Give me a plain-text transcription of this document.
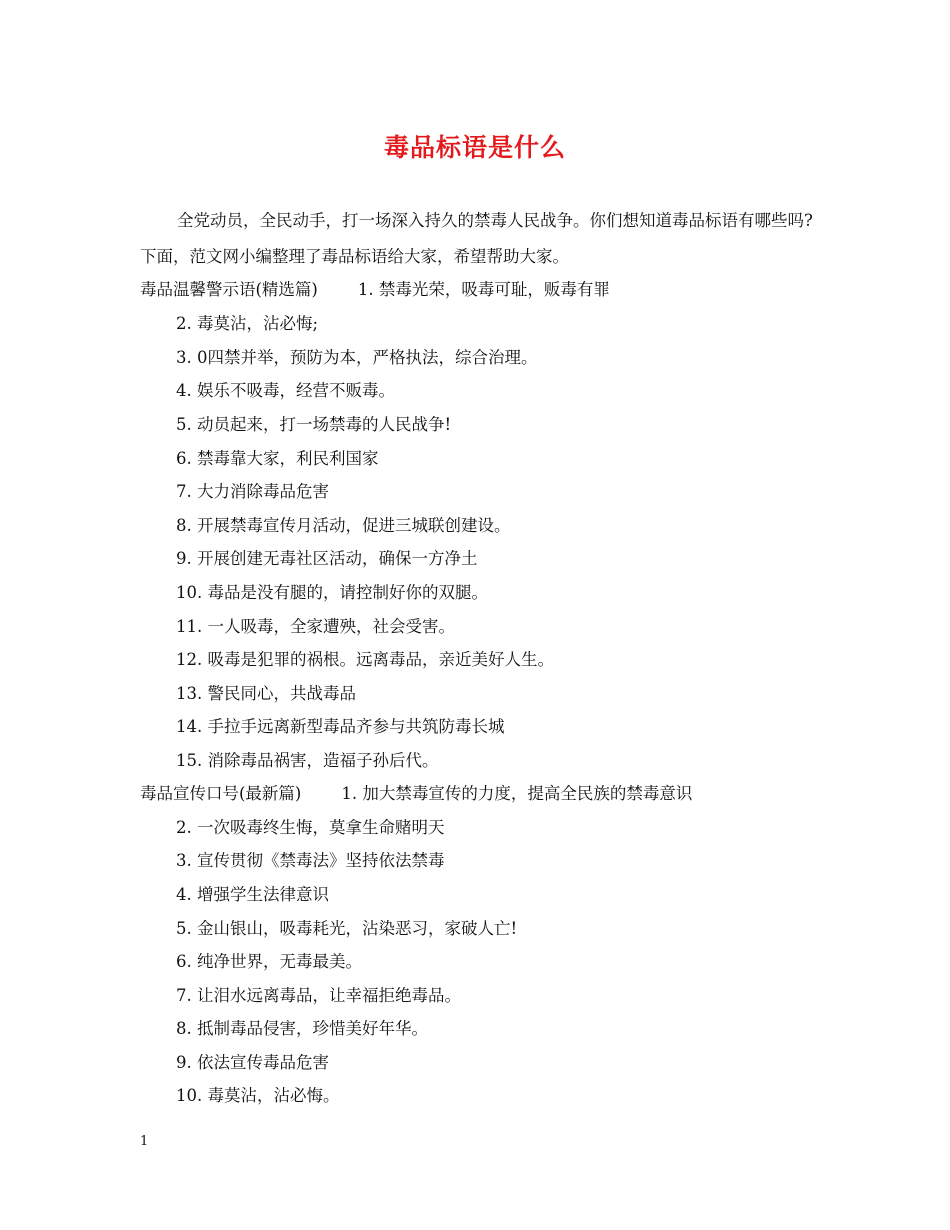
毒品标语是什么

全党动员，全民动手，打一场深入持久的禁毒人民战争。你们想知道毒品标语有哪些吗?下面，范文网小编整理了毒品标语给大家，希望帮助大家。

毒品温馨警示语(精选篇) 1. 禁毒光荣，吸毒可耻，贩毒有罪
2. 毒莫沾，沾必悔;
3. 0四禁并举，预防为本，严格执法，综合治理。
4. 娱乐不吸毒，经营不贩毒。
5. 动员起来，打一场禁毒的人民战争!
6. 禁毒靠大家，利民利国家
7. 大力消除毒品危害
8. 开展禁毒宣传月活动，促进三城联创建设。
9. 开展创建无毒社区活动，确保一方净土
10. 毒品是没有腿的，请控制好你的双腿。
11. 一人吸毒，全家遭殃，社会受害。
12. 吸毒是犯罪的祸根。远离毒品，亲近美好人生。
13. 警民同心，共战毒品
14. 手拉手远离新型毒品齐参与共筑防毒长城
15. 消除毒品祸害，造福子孙后代。
毒品宣传口号(最新篇) 1. 加大禁毒宣传的力度，提高全民族的禁毒意识
2. 一次吸毒终生悔，莫拿生命赌明天
3. 宣传贯彻《禁毒法》坚持依法禁毒
4. 增强学生法律意识
5. 金山银山，吸毒耗光，沾染恶习，家破人亡!
6. 纯净世界，无毒最美。
7. 让泪水远离毒品，让幸福拒绝毒品。
8. 抵制毒品侵害，珍惜美好年华。
9. 依法宣传毒品危害
10. 毒莫沾，沾必悔。
1
